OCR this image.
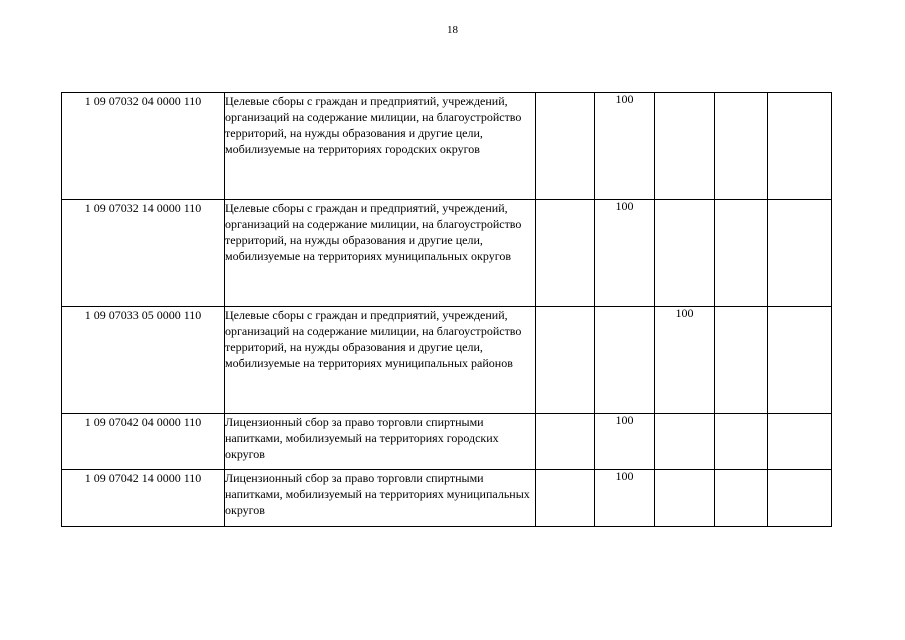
18
1 09 07032 04 0000 110	Целевые сборы с граждан и предприятий, учреждений, организаций на содержание милиции, на благоустройство территорий, на нужды образования и другие цели, мобилизуемые на территориях городских округов		100			
1 09 07032 14 0000 110	Целевые сборы с граждан и предприятий, учреждений, организаций на содержание милиции, на благоустройство территорий, на нужды образования и другие цели, мобилизуемые на территориях муниципальных округов		100			
1 09 07033 05 0000 110	Целевые сборы с граждан и предприятий, учреждений, организаций на содержание милиции, на благоустройство территорий, на нужды образования и другие цели, мобилизуемые на территориях муниципальных районов			100		
1 09 07042 04 0000 110	Лицензионный сбор за право торговли спиртными напитками, мобилизуемый на территориях городских округов		100			
1 09 07042 14 0000 110	Лицензионный сбор за право торговли спиртными напитками, мобилизуемый на территориях муниципальных округов		100			
